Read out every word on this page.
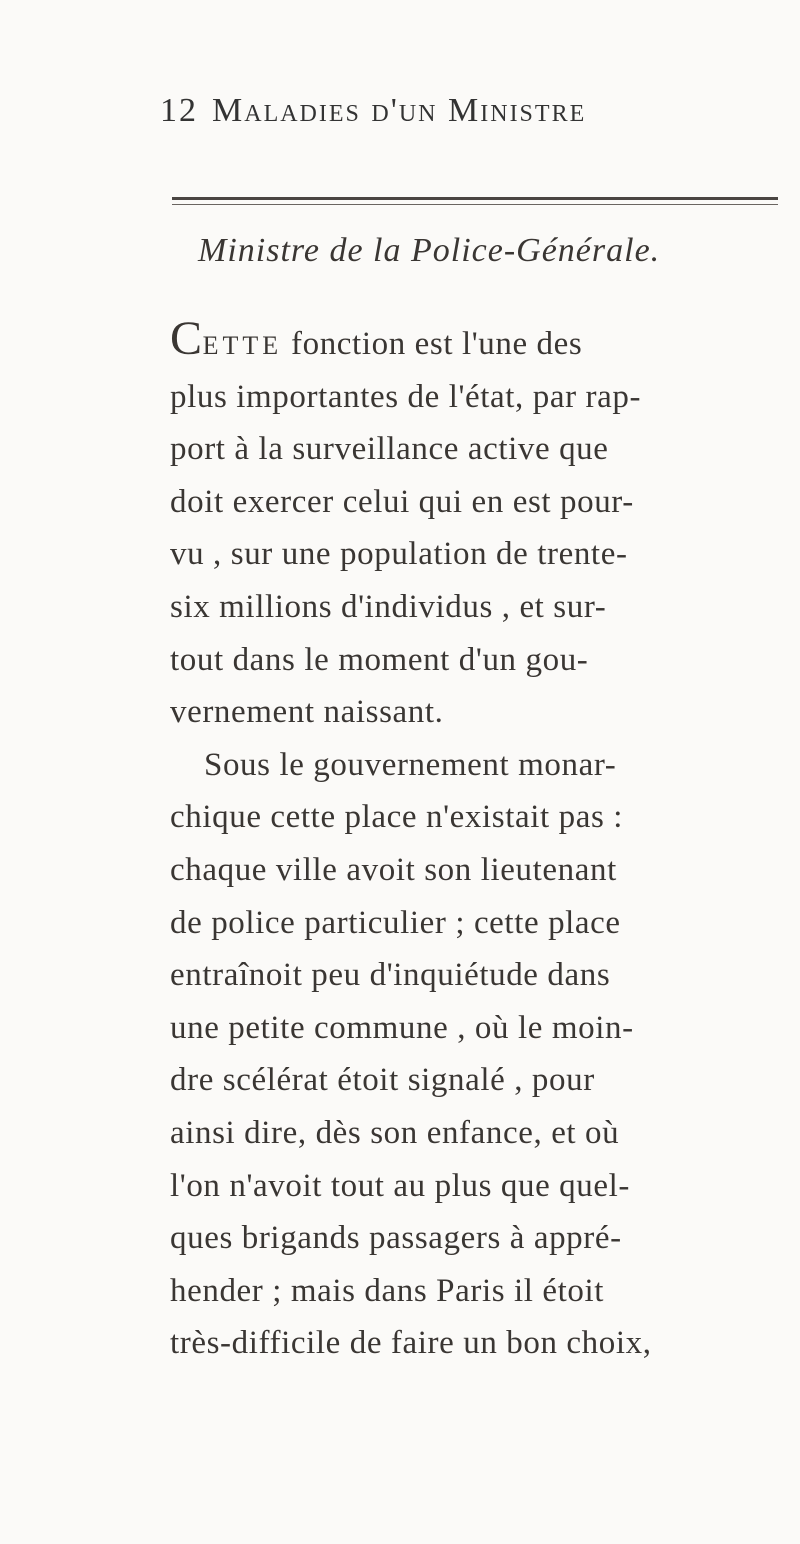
12 Maladies d'un Ministre
Ministre de la Police-Générale.
CETTE fonction est l'une des
plus importantes de l'état, par rap-
port à la surveillance active que
doit exercer celui qui en est pour-
vu , sur une population de trente-
six millions d'individus , et sur-
tout dans le moment d'un gou-
vernement naissant.
Sous le gouvernement monar-
chique cette place n'existait pas :
chaque ville avoit son lieutenant
de police particulier ; cette place
entraînoit peu d'inquiétude dans
une petite commune , où le moin-
dre scélérat étoit signalé , pour
ainsi dire, dès son enfance, et où
l'on n'avoit tout au plus que quel-
ques brigands passagers à appré-
hender ; mais dans Paris il étoit
très-difficile de faire un bon choix,
